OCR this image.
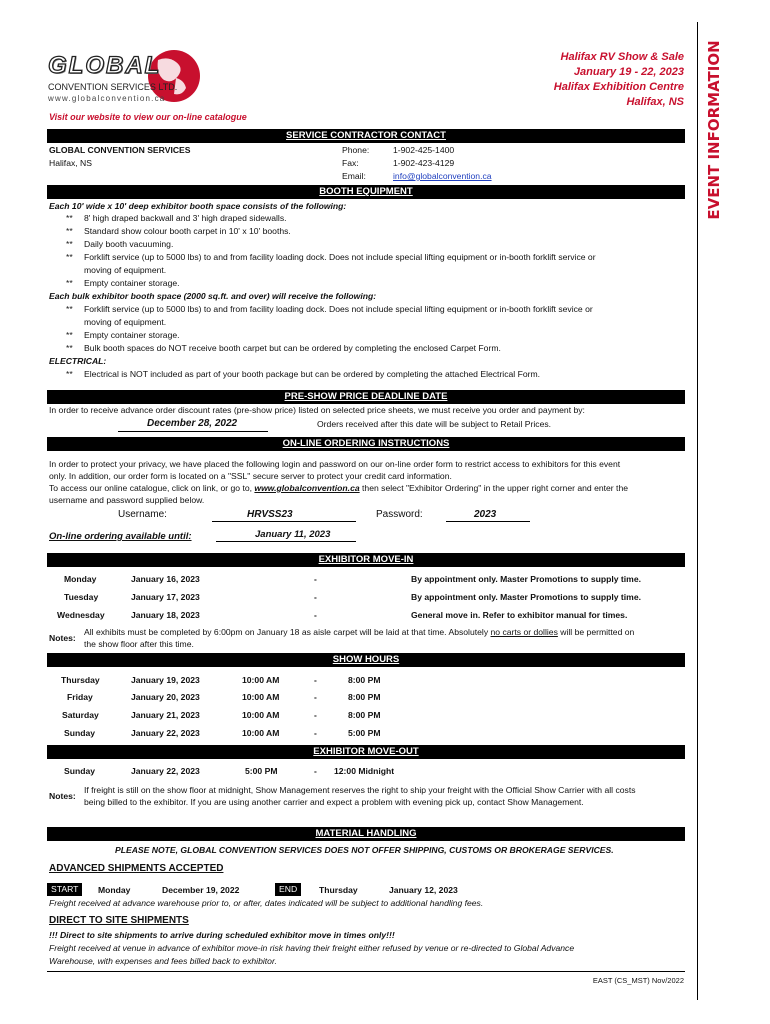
GLOBAL
CONVENTION SERVICES LTD.
www.globalconvention.ca
Visit our website to view our on-line catalogue
Halifax RV Show & Sale
January 19 - 22, 2023
Halifax Exhibition Centre
Halifax, NS EVENT INFORMATION
SERVICE CONTRACTOR CONTACT
GLOBAL CONVENTION SERVICES
Halifax, NS
Phone:	1-902-425-1400
Fax:	1-902-423-4129
Email:	info@globalconvention.ca
BOOTH EQUIPMENT
Each 10' wide x 10' deep exhibitor booth space consists of the following:
** 8' high draped backwall and 3' high draped sidewalls.
** Standard show colour booth carpet in 10' x 10' booths.
** Daily booth vacuuming.
** Forklift service (up to 5000 lbs) to and from facility loading dock. Does not include special lifting equipment or in-booth forklift service or
moving of equipment.
** Empty container storage.
Each bulk exhibitor booth space (2000 sq.ft. and over) will receive the following:
** Forklift service (up to 5000 lbs) to and from facility loading dock. Does not include special lifting equipment or in-booth forklift sevice or
moving of equipment.
** Empty container storage.
** Bulk booth spaces do NOT receive booth carpet but can be ordered by completing the enclosed Carpet Form.
ELECTRICAL:
** Electrical is NOT included as part of your booth package but can be ordered by completing the attached Electrical Form.
PRE-SHOW PRICE DEADLINE DATE
In order to receive advance order discount rates (pre-show price) listed on selected price sheets, we must receive you order and payment by:
December 28, 2022	Orders received after this date will be subject to Retail Prices.
ON-LINE ORDERING INSTRUCTIONS
In order to protect your privacy, we have placed the following login and password on our on-line order form to restrict access to exhibitors for this event
only. In addition, our order form is located on a "SSL" secure server to protect your credit card information.
To access our online catalogue, click on link, or go to, www.globalconvention.ca then select "Exhibitor Ordering" in the upper right corner and enter the
username and password supplied below.
Username:	HRVSS23	Password:	2023
On-line ordering available until:	January 11, 2023
EXHIBITOR MOVE-IN
Monday	January 16, 2023	-	By appointment only. Master Promotions to supply time.
Tuesday	January 17, 2023	-	By appointment only. Master Promotions to supply time.
Wednesday	January 18, 2023	-	General move in. Refer to exhibitor manual for times.
Notes:
All exhibits must be completed by 6:00pm on January 18 as aisle carpet will be laid at that time. Absolutely no carts or dollies will be permitted on
the show floor after this time.
SHOW HOURS
Thursday	January 19, 2023	10:00 AM	-	8:00 PM
Friday	January 20, 2023	10:00 AM	-	8:00 PM
Saturday	January 21, 2023	10:00 AM	-	8:00 PM
Sunday	January 22, 2023	10:00 AM	-	5:00 PM
EXHIBITOR MOVE-OUT
Sunday	January 22, 2023	5:00 PM	- 12:00 Midnight
Notes:
If freight is still on the show floor at midnight, Show Management reserves the right to ship your freight with the Official Show Carrier with all costs
being billed to the exhibitor. If you are using another carrier and expect a problem with evening pick up, contact Show Management.
MATERIAL HANDLING
PLEASE NOTE, GLOBAL CONVENTION SERVICES DOES NOT OFFER SHIPPING, CUSTOMS OR BROKERAGE SERVICES.
ADVANCED SHIPMENTS ACCEPTED
START	Monday	December 19, 2022	END	Thursday	January 12, 2023
Freight received at advance warehouse prior to, or after, dates indicated will be subject to additional handling fees.
DIRECT TO SITE SHIPMENTS
!!! Direct to site shipments to arrive during scheduled exhibitor move in times only!!!
Freight received at venue in advance of exhibitor move-in risk having their freight either refused by venue or re-directed to Global Advance
Warehouse, with expenses and fees billed back to exhibitor.
EAST (CS_MST) Nov/2022
